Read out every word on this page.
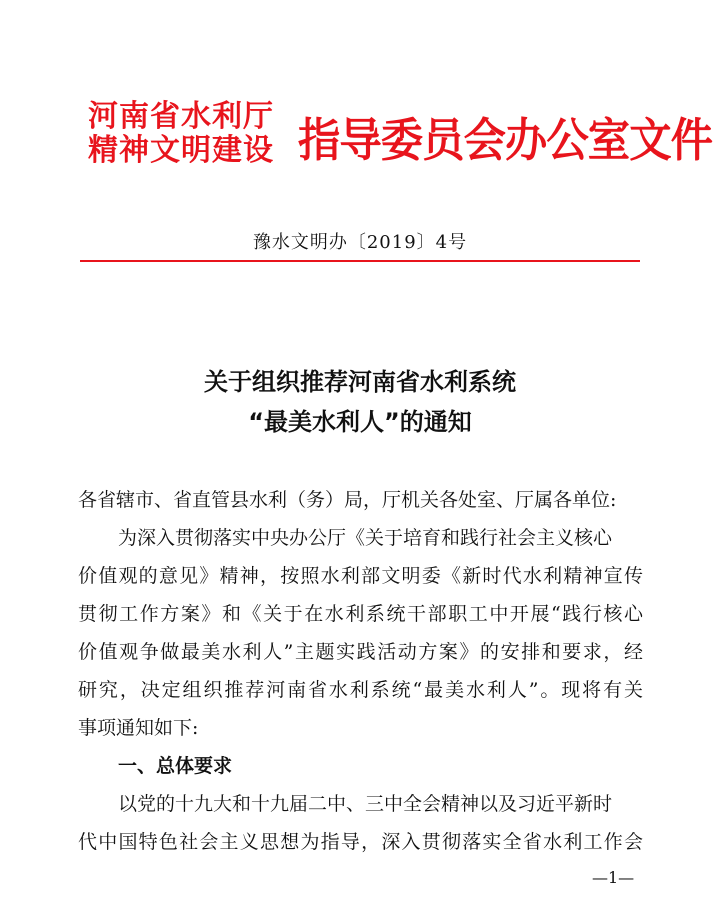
河南省水利厅
精神文明建设 指导委员会办公室文件
豫水文明办〔2019〕4号
关于组织推荐河南省水利系统
“最美水利人”的通知
各省辖市、省直管县水利（务）局，厅机关各处室、厅属各单位:
为深入贯彻落实中央办公厅《关于培育和践行社会主义核心
价值观的意见》精神，按照水利部文明委《新时代水利精神宣传
贯彻工作方案》和《关于在水利系统干部职工中开展“践行核心
价值观争做最美水利人”主题实践活动方案》的安排和要求，经
研究，决定组织推荐河南省水利系统“最美水利人”。现将有关
事项通知如下:
一、总体要求
以党的十九大和十九届二中、三中全会精神以及习近平新时
代中国特色社会主义思想为指导，深入贯彻落实全省水利工作会
—1—
